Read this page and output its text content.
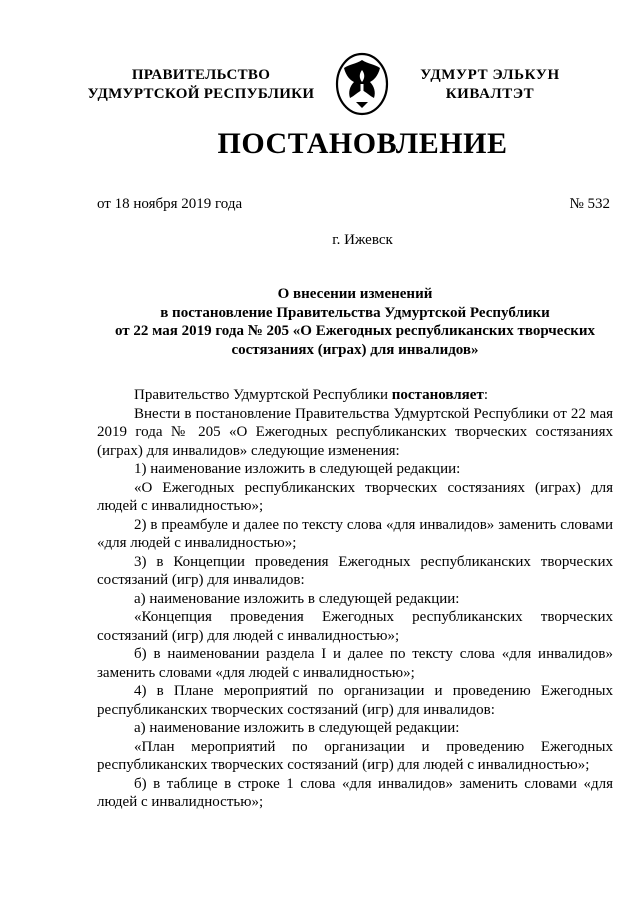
ПРАВИТЕЛЬСТВО
УДМУРТСКОЙ РЕСПУБЛИКИ
УДМУРТ ЭЛЬКУН
КИВАЛТЭТ
ПОСТАНОВЛЕНИЕ
от 18 ноября 2019 года	№ 532
г. Ижевск
О внесении изменений
в постановление Правительства Удмуртской Республики
от 22 мая 2019 года № 205 «О Ежегодных республиканских творческих
состязаниях (играх) для инвалидов»

Правительство Удмуртской Республики постановляет:

Внести в постановление Правительства Удмуртской Республики от 22 мая 2019 года № 205 «О Ежегодных республиканских творческих состязаниях (играх) для инвалидов» следующие изменения:

1) наименование изложить в следующей редакции:

«О Ежегодных республиканских творческих состязаниях (играх) для людей с инвалидностью»;

2) в преамбуле и далее по тексту слова «для инвалидов» заменить словами «для людей с инвалидностью»;

3) в Концепции проведения Ежегодных республиканских творческих состязаний (игр) для инвалидов:

а) наименование изложить в следующей редакции:

«Концепция проведения Ежегодных республиканских творческих состязаний (игр) для людей с инвалидностью»;

б) в наименовании раздела I и далее по тексту слова «для инвалидов» заменить словами «для людей с инвалидностью»;

4) в Плане мероприятий по организации и проведению Ежегодных республиканских творческих состязаний (игр) для инвалидов:

а) наименование изложить в следующей редакции:

«План мероприятий по организации и проведению Ежегодных республиканских творческих состязаний (игр) для людей с инвалидностью»;

б) в таблице в строке 1 слова «для инвалидов» заменить словами «для людей с инвалидностью»;
